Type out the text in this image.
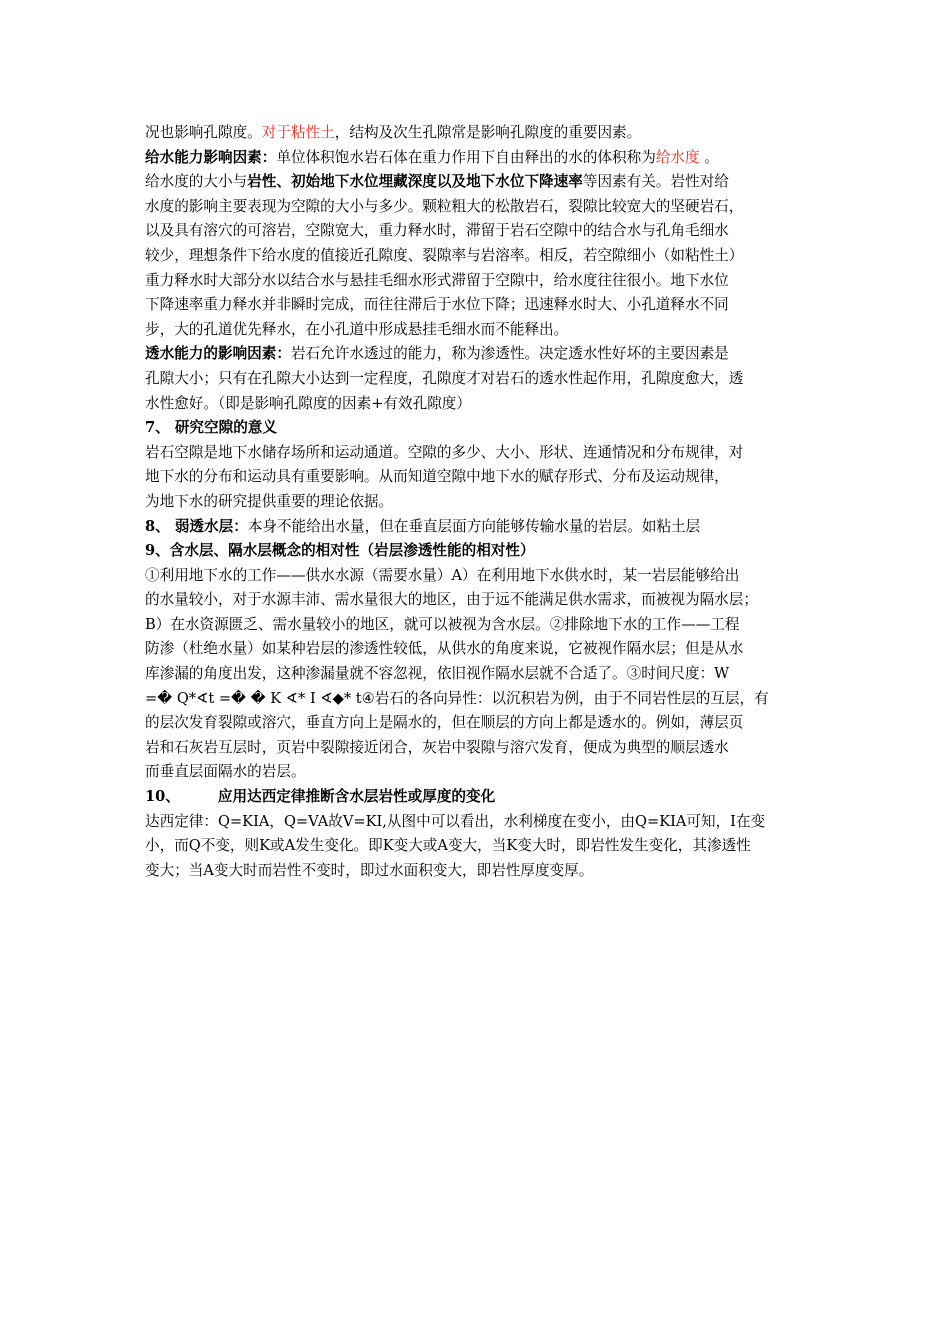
况也影响孔隙度。对于粘性土，结构及次生孔隙常是影响孔隙度的重要因素。
给水能力影响因素：单位体积饱水岩石体在重力作用下自由释出的水的体积称为给水度 。
给水度的大小与岩性、初始地下水位埋藏深度以及地下水位下降速率等因素有关。岩性对给
水度的影响主要表现为空隙的大小与多少。颗粒粗大的松散岩石，裂隙比较宽大的坚硬岩石，
以及具有溶穴的可溶岩，空隙宽大，重力释水时，滞留于岩石空隙中的结合水与孔角毛细水
较少，理想条件下给水度的值接近孔隙度、裂隙率与岩溶率。相反，若空隙细小（如粘性土）
重力释水时大部分水以结合水与悬挂毛细水形式滞留于空隙中，给水度往往很小。地下水位
下降速率重力释水并非瞬时完成，而往往滞后于水位下降；迅速释水时大、小孔道释水不同
步，大的孔道优先释水，在小孔道中形成悬挂毛细水而不能释出。
透水能力的影响因素：岩石允许水透过的能力，称为渗透性。决定透水性好坏的主要因素是
孔隙大小；只有在孔隙大小达到一定程度，孔隙度才对岩石的透水性起作用，孔隙度愈大，透
水性愈好。（即是影响孔隙度的因素+有效孔隙度）
7、 研究空隙的意义
岩石空隙是地下水储存场所和运动通道。空隙的多少、大小、形状、连通情况和分布规律，对
地下水的分布和运动具有重要影响。从而知道空隙中地下水的赋存形式、分布及运动规律，
为地下水的研究提供重要的理论依据。
8、 弱透水层：本身不能给出水量，但在垂直层面方向能够传输水量的岩层。如粘土层
9、含水层、隔水层概念的相对性（岩层渗透性能的相对性）
①利用地下水的工作——供水水源（需要水量）A）在利用地下水供水时，某一岩层能够给出
的水量较小，对于水源丰沛、需水量很大的地区，由于远不能满足供水需求，而被视为隔水层；
B）在水资源匮乏、需水量较小的地区，就可以被视为含水层。②排除地下水的工作——工程
防渗（杜绝水量）如某种岩层的渗透性较低，从供水的角度来说，它被视作隔水层；但是从水
库渗漏的角度出发，这种渗漏量就不容忽视，依旧视作隔水层就不合适了。③时间尺度：W
=� Q*∢t =� � K ∢* I ∢◆* t④岩石的各向异性：以沉积岩为例，由于不同岩性层的互层，有
的层次发育裂隙或溶穴，垂直方向上是隔水的，但在顺层的方向上都是透水的。例如，薄层页
岩和石灰岩互层时，页岩中裂隙接近闭合，灰岩中裂隙与溶穴发育，便成为典型的顺层透水
而垂直层面隔水的岩层。
10、	应用达西定律推断含水层岩性或厚度的变化
达西定律：Q=KIA，Q=VA故V=KI,从图中可以看出，水利梯度在变小，由Q=KIA可知，I在变
小，而Q不变，则K或A发生变化。即K变大或A变大，当K变大时，即岩性发生变化，其渗透性
变大；当A变大时而岩性不变时，即过水面积变大，即岩性厚度变厚。
